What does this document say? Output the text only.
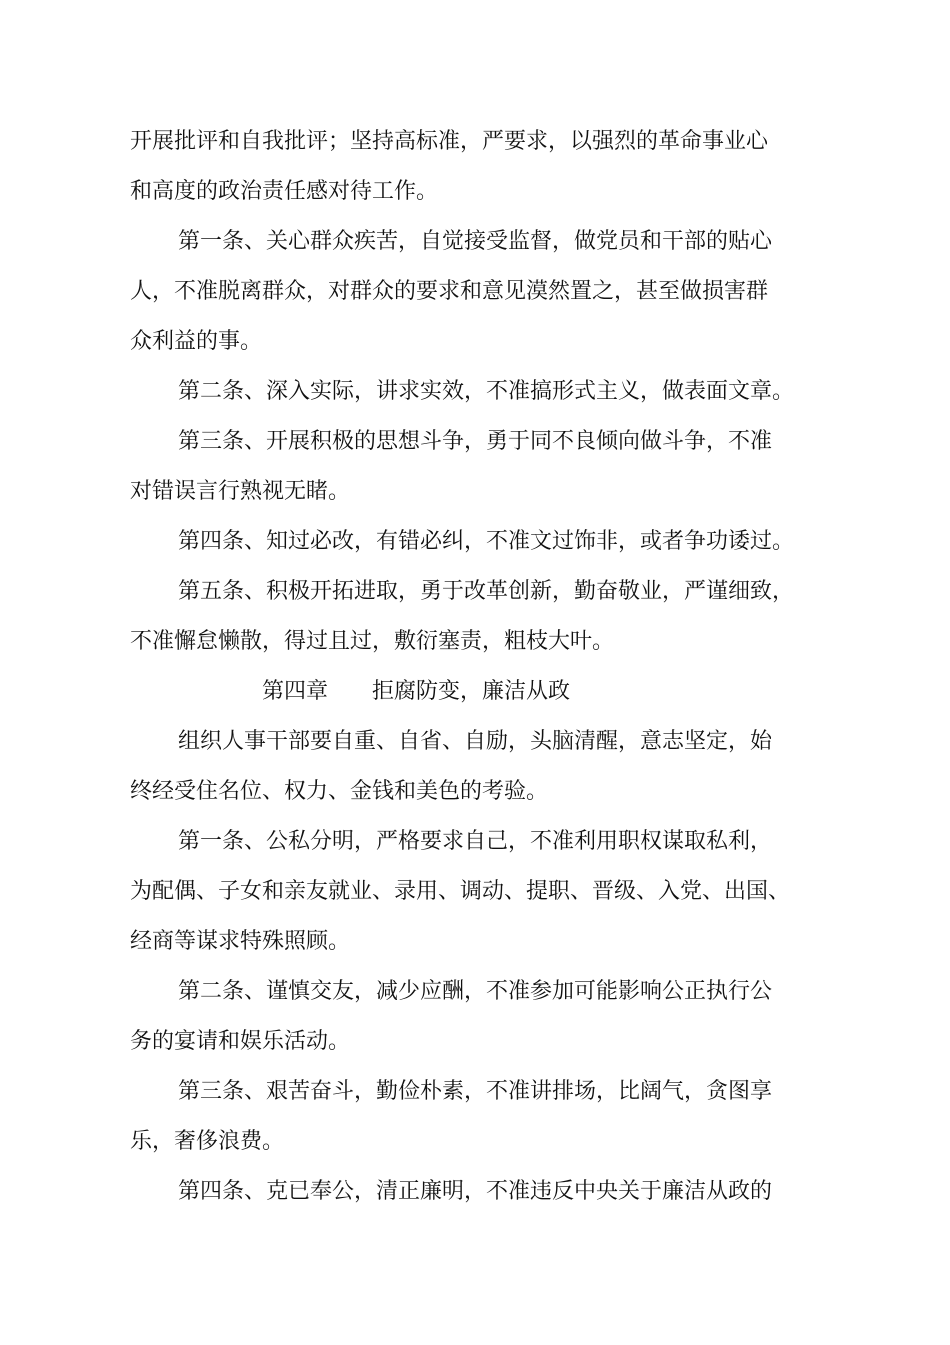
开展批评和自我批评；坚持高标准，严要求，以强烈的革命事业心
和高度的政治责任感对待工作。
第一条、关心群众疾苦，自觉接受监督，做党员和干部的贴心
人，不准脱离群众，对群众的要求和意见漠然置之，甚至做损害群
众利益的事。
第二条、深入实际，讲求实效，不准搞形式主义，做表面文章。
第三条、开展积极的思想斗争，勇于同不良倾向做斗争，不准
对错误言行熟视无睹。
第四条、知过必改，有错必纠，不准文过饰非，或者争功诿过。
第五条、积极开拓进取，勇于改革创新，勤奋敬业，严谨细致，
不准懈怠懒散，得过且过，敷衍塞责，粗枝大叶。
第四章 拒腐防变，廉洁从政
组织人事干部要自重、自省、自励，头脑清醒，意志坚定，始
终经受住名位、权力、金钱和美色的考验。
第一条、公私分明，严格要求自己，不准利用职权谋取私利，
为配偶、子女和亲友就业、录用、调动、提职、晋级、入党、出国、
经商等谋求特殊照顾。
第二条、谨慎交友，减少应酬，不准参加可能影响公正执行公
务的宴请和娱乐活动。
第三条、艰苦奋斗，勤俭朴素，不准讲排场，比阔气，贪图享
乐，奢侈浪费。
第四条、克已奉公，清正廉明，不准违反中央关于廉洁从政的
